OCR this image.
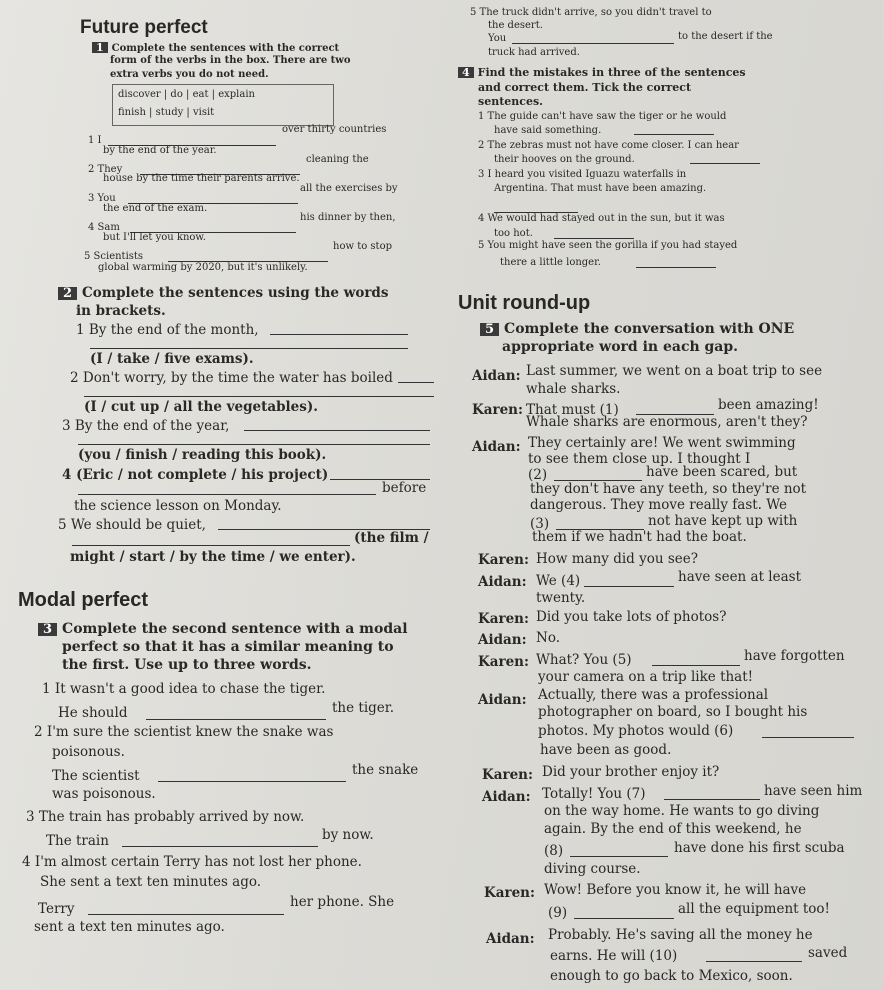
Future perfect
1 Complete the sentences with the correct
form of the verbs in the box. There are two
extra verbs you do not need.
discover | do | eat | explain
finish | study | visit
1 I
over thirty countries
by the end of the year.
2 They
cleaning the
house by the time their parents arrive.
3 You
all the exercises by
the end of the exam.
4 Sam
his dinner by then,
but I'll let you know.
5 Scientists
how to stop
global warming by 2020, but it's unlikely.
2 Complete the sentences using the words
in brackets.
1 By the end of the month,
(I / take / five exams).
2 Don't worry, by the time the water has boiled
(I / cut up / all the vegetables).
3 By the end of the year,
(you / finish / reading this book).
4 (Eric / not complete / his project)
before
the science lesson on Monday.
5 We should be quiet,
(the film /
might / start / by the time / we enter).
Modal perfect
3 Complete the second sentence with a modal
perfect so that it has a similar meaning to
the first. Use up to three words.
1 It wasn't a good idea to chase the tiger.
He should	the tiger.
2 I'm sure the scientist knew the snake was
poisonous.
The scientist	the snake
was poisonous.
3 The train has probably arrived by now.
The train	by now.
4 I'm almost certain Terry has not lost her phone.
She sent a text ten minutes ago.
Terry	her phone. She
sent a text ten minutes ago.
5 The truck didn't arrive, so you didn't travel to
the desert.
You	to the desert if the
truck had arrived.
4 Find the mistakes in three of the sentences
and correct them. Tick the correct
sentences.
1 The guide can't have saw the tiger or he would
have said something.
2 The zebras must not have come closer. I can hear
their hooves on the ground.
3 I heard you visited Iguazu waterfalls in
Argentina. That must have been amazing.
4 We would had stayed out in the sun, but it was
too hot.
5 You might have seen the gorilla if you had stayed
there a little longer.
Unit round-up
5 Complete the conversation with ONE
appropriate word in each gap.
Aidan: Last summer, we went on a boat trip to see
whale sharks.
Karen: That must (1)	been amazing!
Whale sharks are enormous, aren't they?
Aidan: They certainly are! We went swimming
to see them close up. I thought I
(2)	have been scared, but
they don't have any teeth, so they're not
dangerous. They move really fast. We
(3)	not have kept up with
them if we hadn't had the boat.
Karen: How many did you see?
Aidan: We (4)	have seen at least
twenty.
Karen: Did you take lots of photos?
Aidan: No.
Karen: What? You (5)	have forgotten
your camera on a trip like that!
Aidan: Actually, there was a professional
photographer on board, so I bought his
photos. My photos would (6)
have been as good.
Karen: Did your brother enjoy it?
Aidan: Totally! You (7)	have seen him
on the way home. He wants to go diving
again. By the end of this weekend, he
(8)	have done his first scuba
diving course.
Karen: Wow! Before you know it, he will have
(9)	all the equipment too!
Aidan: Probably. He's saving all the money he
earns. He will (10)	saved
enough to go back to Mexico, soon.
